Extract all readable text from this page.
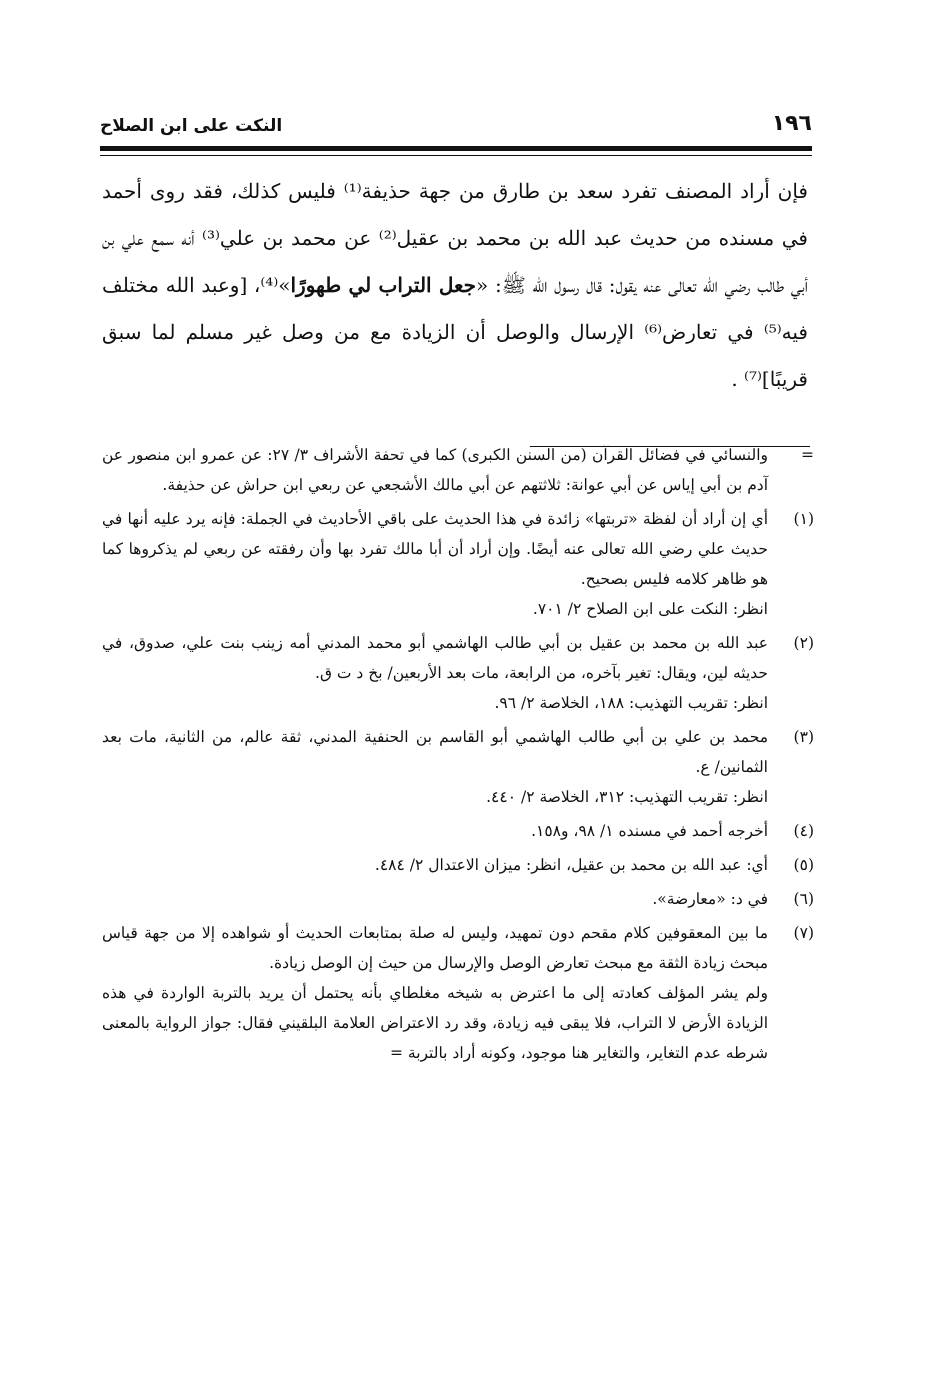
١٩٦
النكت على ابن الصلاح

فإن أراد المصنف تفرد سعد بن طارق من جهة حذيفة⁽¹⁾ فليس كذلك، فقد روى أحمد في مسنده من حديث عبد الله بن محمد بن عقيل⁽²⁾ عن محمد بن علي⁽³⁾ أنه سمع علي بن أبي طالب رضي الله تعالى عنه يقول: قال رسول الله ﷺ: «جعل التراب لي طهورًا»⁽⁴⁾، [وعبد الله مختلف فيه⁽⁵⁾ في تعارض⁽⁶⁾ الإرسال والوصل أن الزيادة مع من وصل غير مسلم لما سبق قريبًا]⁽⁷⁾ .

=

والنسائي في فضائل القرآن (من السنن الكبرى) كما في تحفة الأشراف ٣/ ٢٧: عن عمرو ابن منصور عن آدم بن أبي إياس عن أبي عوانة: ثلاثتهم عن أبي مالك الأشجعي عن ربعي ابن حراش عن حذيفة.

(١)

أي إن أراد أن لفظة «تربتها» زائدة في هذا الحديث على باقي الأحاديث في الجملة: فإنه يرد عليه أنها في حديث علي رضي الله تعالى عنه أيضًا. وإن أراد أن أبا مالك تفرد بها وأن رفقته عن ربعي لم يذكروها كما هو ظاهر كلامه فليس بصحيح.

انظر: النكت على ابن الصلاح ٢/ ٧٠١.

(٢)

عبد الله بن محمد بن عقيل بن أبي طالب الهاشمي أبو محمد المدني أمه زينب بنت علي، صدوق، في حديثه لين، ويقال: تغير بآخره، من الرابعة، مات بعد الأربعين/ بخ د ت ق.

انظر: تقريب التهذيب: ١٨٨، الخلاصة ٢/ ٩٦.

(٣)

محمد بن علي بن أبي طالب الهاشمي أبو القاسم بن الحنفية المدني، ثقة عالم، من الثانية، مات بعد الثمانين/ ع.

انظر: تقريب التهذيب: ٣١٢، الخلاصة ٢/ ٤٤٠.

(٤)

أخرجه أحمد في مسنده ١/ ٩٨، و١٥٨.

(٥)

أي: عبد الله بن محمد بن عقيل، انظر: ميزان الاعتدال ٢/ ٤٨٤.

(٦)

في د: «معارضة».

(٧)

ما بين المعقوفين كلام مقحم دون تمهيد، وليس له صلة بمتابعات الحديث أو شواهده إلا من جهة قياس مبحث زيادة الثقة مع مبحث تعارض الوصل والإرسال من حيث إن الوصل زيادة.

ولم يشر المؤلف كعادته إلى ما اعترض به شيخه مغلطاي بأنه يحتمل أن يريد بالتربة الواردة في هذه الزيادة الأرض لا التراب، فلا يبقى فيه زيادة، وقد رد الاعتراض العلامة البلقيني فقال: جواز الرواية بالمعنى شرطه عدم التغاير، والتغاير هنا موجود، وكونه أراد بالتربة =
